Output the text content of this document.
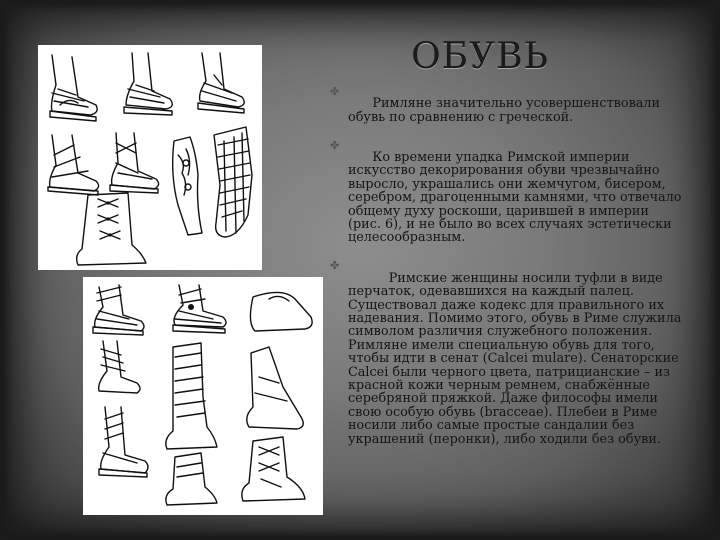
ОБУВЬ

✤
Римляне значительно усовершенствовали обувь по сравнению с греческой.

✤
Ко времени упадка Римской империи искусство декорирования обуви чрезвычайно выросло, украшались они жемчугом, бисером, серебром, драгоценными камнями, что отвечало общему духу роскоши, царившей в империи (рис. 6), и не было во всех случаях эстетически целесообразным.

✤
Римские женщины носили туфли в виде перчаток, одевавшихся на каждый палец. Существовал даже кодекс для правильного их надевания. Помимо этого, обувь в Риме служила символом различия служебного положения. Римляне имели специальную обувь для того, чтобы идти в сенат (Calcei mulare). Сенаторские Calcei были черного цвета, патрицианские – из красной кожи черным ремнем, снабжённые серебряной пряжкой. Даже философы имели свою особую обувь (bracceae). Плебеи в Риме носили либо самые простые сандалии без украшений (перонки), либо ходили без обуви.
